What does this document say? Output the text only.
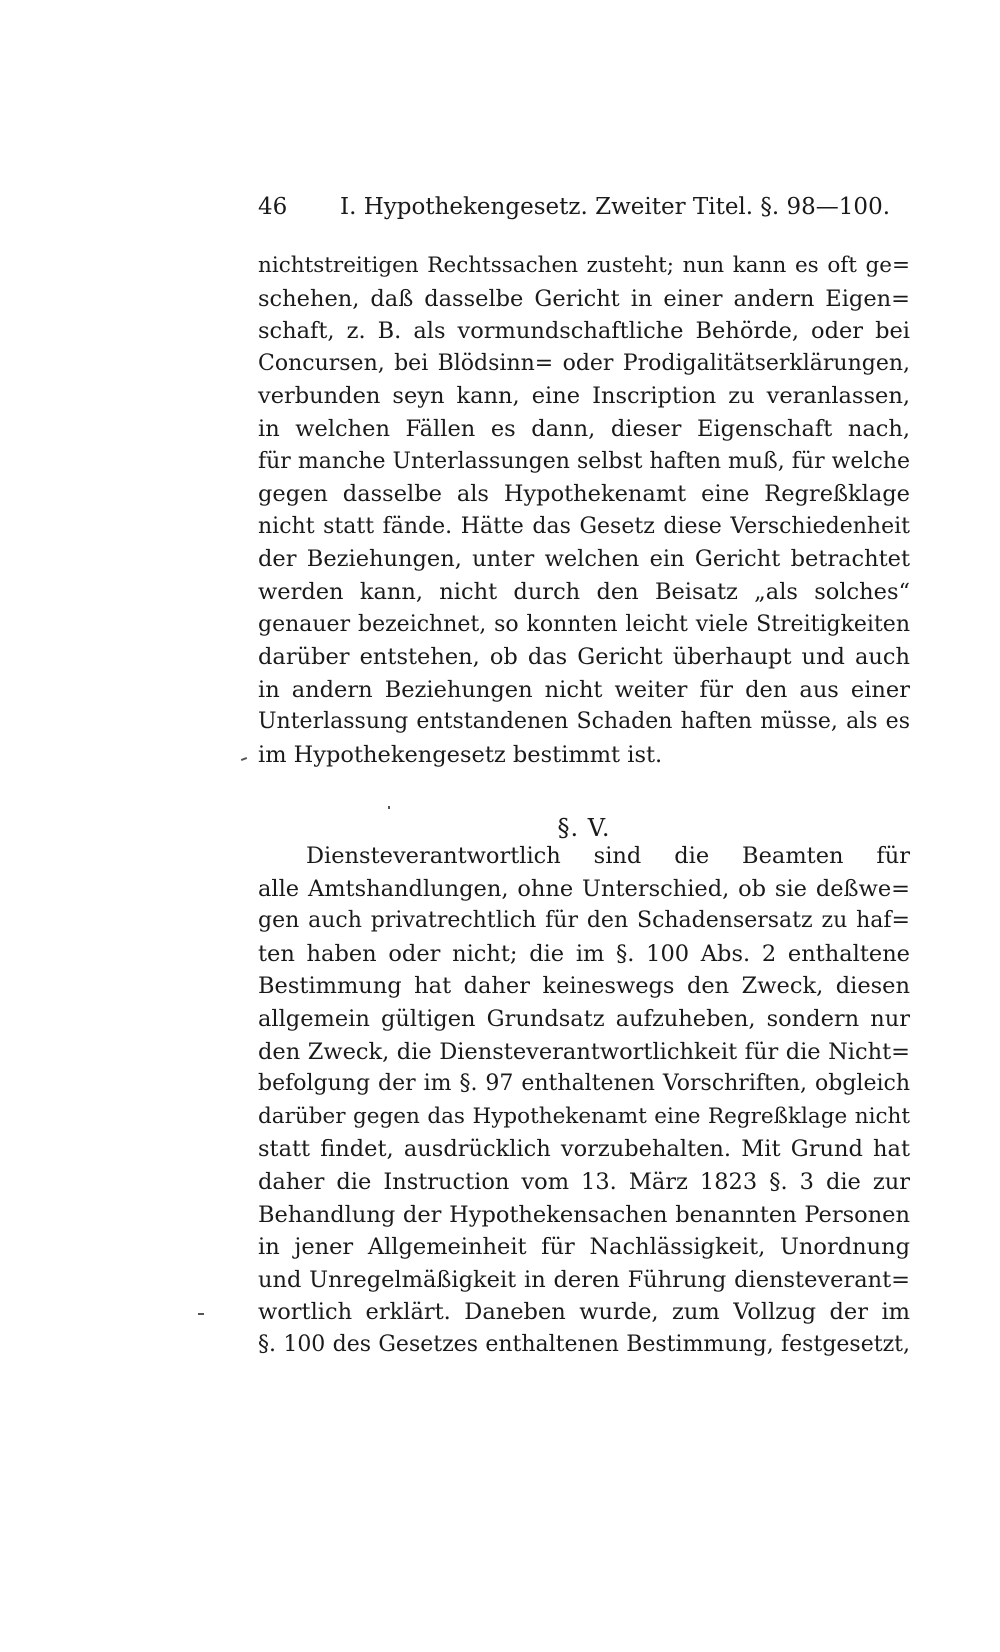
46 I. Hypothekengesetz. Zweiter Titel. §. 98—100.
nichtstreitigen Rechtssachen zusteht; nun kann es oft ge=
schehen, daß dasselbe Gericht in einer andern Eigen=
schaft, z. B. als vormundschaftliche Behörde, oder bei
Concursen, bei Blödsinn= oder Prodigalitätserklärungen,
verbunden seyn kann, eine Inscription zu veranlassen,
in welchen Fällen es dann, dieser Eigenschaft nach,
für manche Unterlassungen selbst haften muß, für welche
gegen dasselbe als Hypothekenamt eine Regreßklage
nicht statt fände. Hätte das Gesetz diese Verschiedenheit
der Beziehungen, unter welchen ein Gericht betrachtet
werden kann, nicht durch den Beisatz „als solches“
genauer bezeichnet, so konnten leicht viele Streitigkeiten
darüber entstehen, ob das Gericht überhaupt und auch
in andern Beziehungen nicht weiter für den aus einer
Unterlassung entstandenen Schaden haften müsse, als es
im Hypothekengesetz bestimmt ist.
§. V.
Diensteverantwortlich sind die Beamten für
alle Amtshandlungen, ohne Unterschied, ob sie deßwe=
gen auch privatrechtlich für den Schadensersatz zu haf=
ten haben oder nicht; die im §. 100 Abs. 2 enthaltene
Bestimmung hat daher keineswegs den Zweck, diesen
allgemein gültigen Grundsatz aufzuheben, sondern nur
den Zweck, die Diensteverantwortlichkeit für die Nicht=
befolgung der im §. 97 enthaltenen Vorschriften, obgleich
darüber gegen das Hypothekenamt eine Regreßklage nicht
statt findet, ausdrücklich vorzubehalten. Mit Grund hat
daher die Instruction vom 13. März 1823 §. 3 die zur
Behandlung der Hypothekensachen benannten Personen
in jener Allgemeinheit für Nachlässigkeit, Unordnung
und Unregelmäßigkeit in deren Führung diensteverant=
wortlich erklärt. Daneben wurde, zum Vollzug der im
§. 100 des Gesetzes enthaltenen Bestimmung, festgesetzt,
